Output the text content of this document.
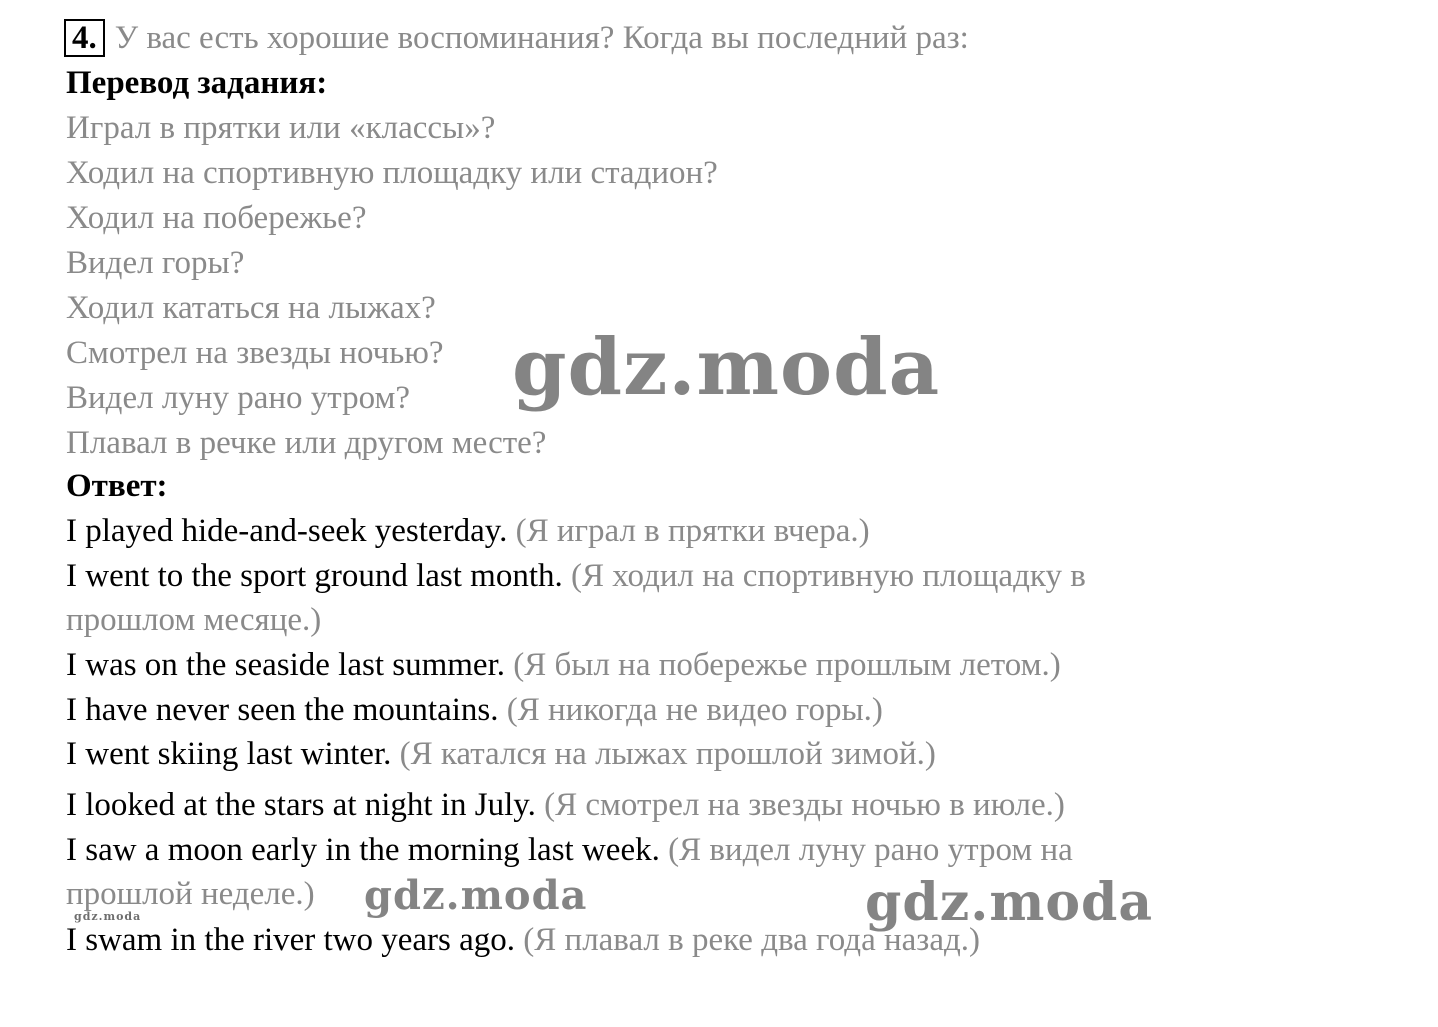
4. У вас есть хорошие воспоминания? Когда вы последний раз:
Перевод задания:
Играл в прятки или «классы»?
Ходил на спортивную площадку или стадион?
Ходил на побережье?
Видел горы?
Ходил кататься на лыжах?
Смотрел на звезды ночью?
Видел луну рано утром?
Плавал в речке или другом месте?
Ответ:
I played hide-and-seek yesterday. (Я играл в прятки вчера.)
I went to the sport ground last month. (Я ходил на спортивную площадку в
прошлом месяце.)
I was on the seaside last summer. (Я был на побережье прошлым летом.)
I have never seen the mountains. (Я никогда не видео горы.)
I went skiing last winter. (Я катался на лыжах прошлой зимой.)
I looked at the stars at night in July. (Я смотрел на звезды ночью в июле.)
I saw a moon early in the morning last week. (Я видел луну рано утром на
прошлой неделе.)
I swam in the river two years ago. (Я плавал в реке два года назад.)
gdz.moda
gdz.moda	gdz.moda
gdz.moda
